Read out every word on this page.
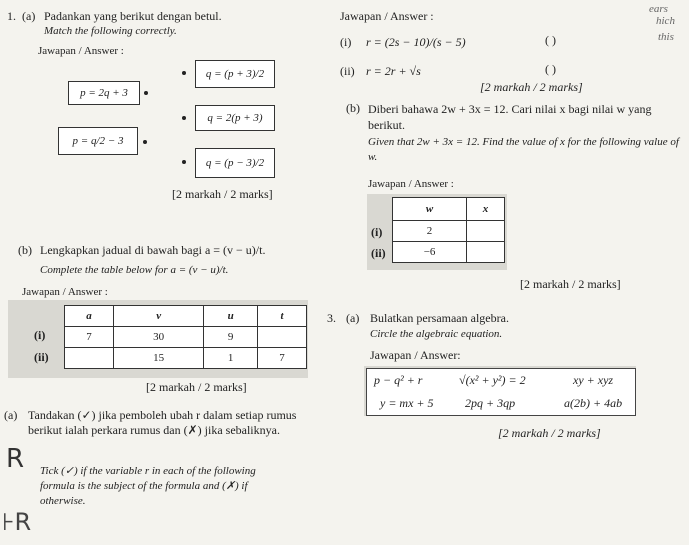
ears
hich
this
1. (a) Padankan yang berikut dengan betul.
Match the following correctly.
Jawapan / Answer :
p = 2q + 3
p = q/2 − 3
q = (p + 3)/2
q = 2(p + 3)
q = (p − 3)/2
[2 markah / 2 marks]
(b) Lengkapkan jadual di bawah bagi a = (v − u)/t.
Complete the table below for a = (v − u)/t.
Jawapan / Answer :
(i)
(ii)
a	v	u	t
7	30	9	
	15	1	7
[2 markah / 2 marks]
(a) Tandakan (✓) jika pemboleh ubah r dalam setiap rumus berikut ialah perkara rumus dan (✗) jika sebaliknya.
Tick (✓) if the variable r in each of the following formula is the subject of the formula and (✗) if otherwise.
R
⊦R
Jawapan / Answer :
(i) r = (2s − 10)/(s − 5)	( )
(ii) r = 2r + √s	( )
[2 markah / 2 marks]
(b) Diberi bahawa 2w + 3x = 12. Cari nilai x bagi nilai w yang berikut.
Given that 2w + 3x = 12. Find the value of x for the following value of w.
Jawapan / Answer :
(i)
(ii)
w	x
2	
−6	
[2 markah / 2 marks]
3. (a) Bulatkan persamaan algebra.
Circle the algebraic equation.
Jawapan / Answer:
p − q² + r	√(x² + y²) = 2	xy + xyz
y = mx + 5	2pq + 3qp	a(2b) + 4ab
[2 markah / 2 marks]
